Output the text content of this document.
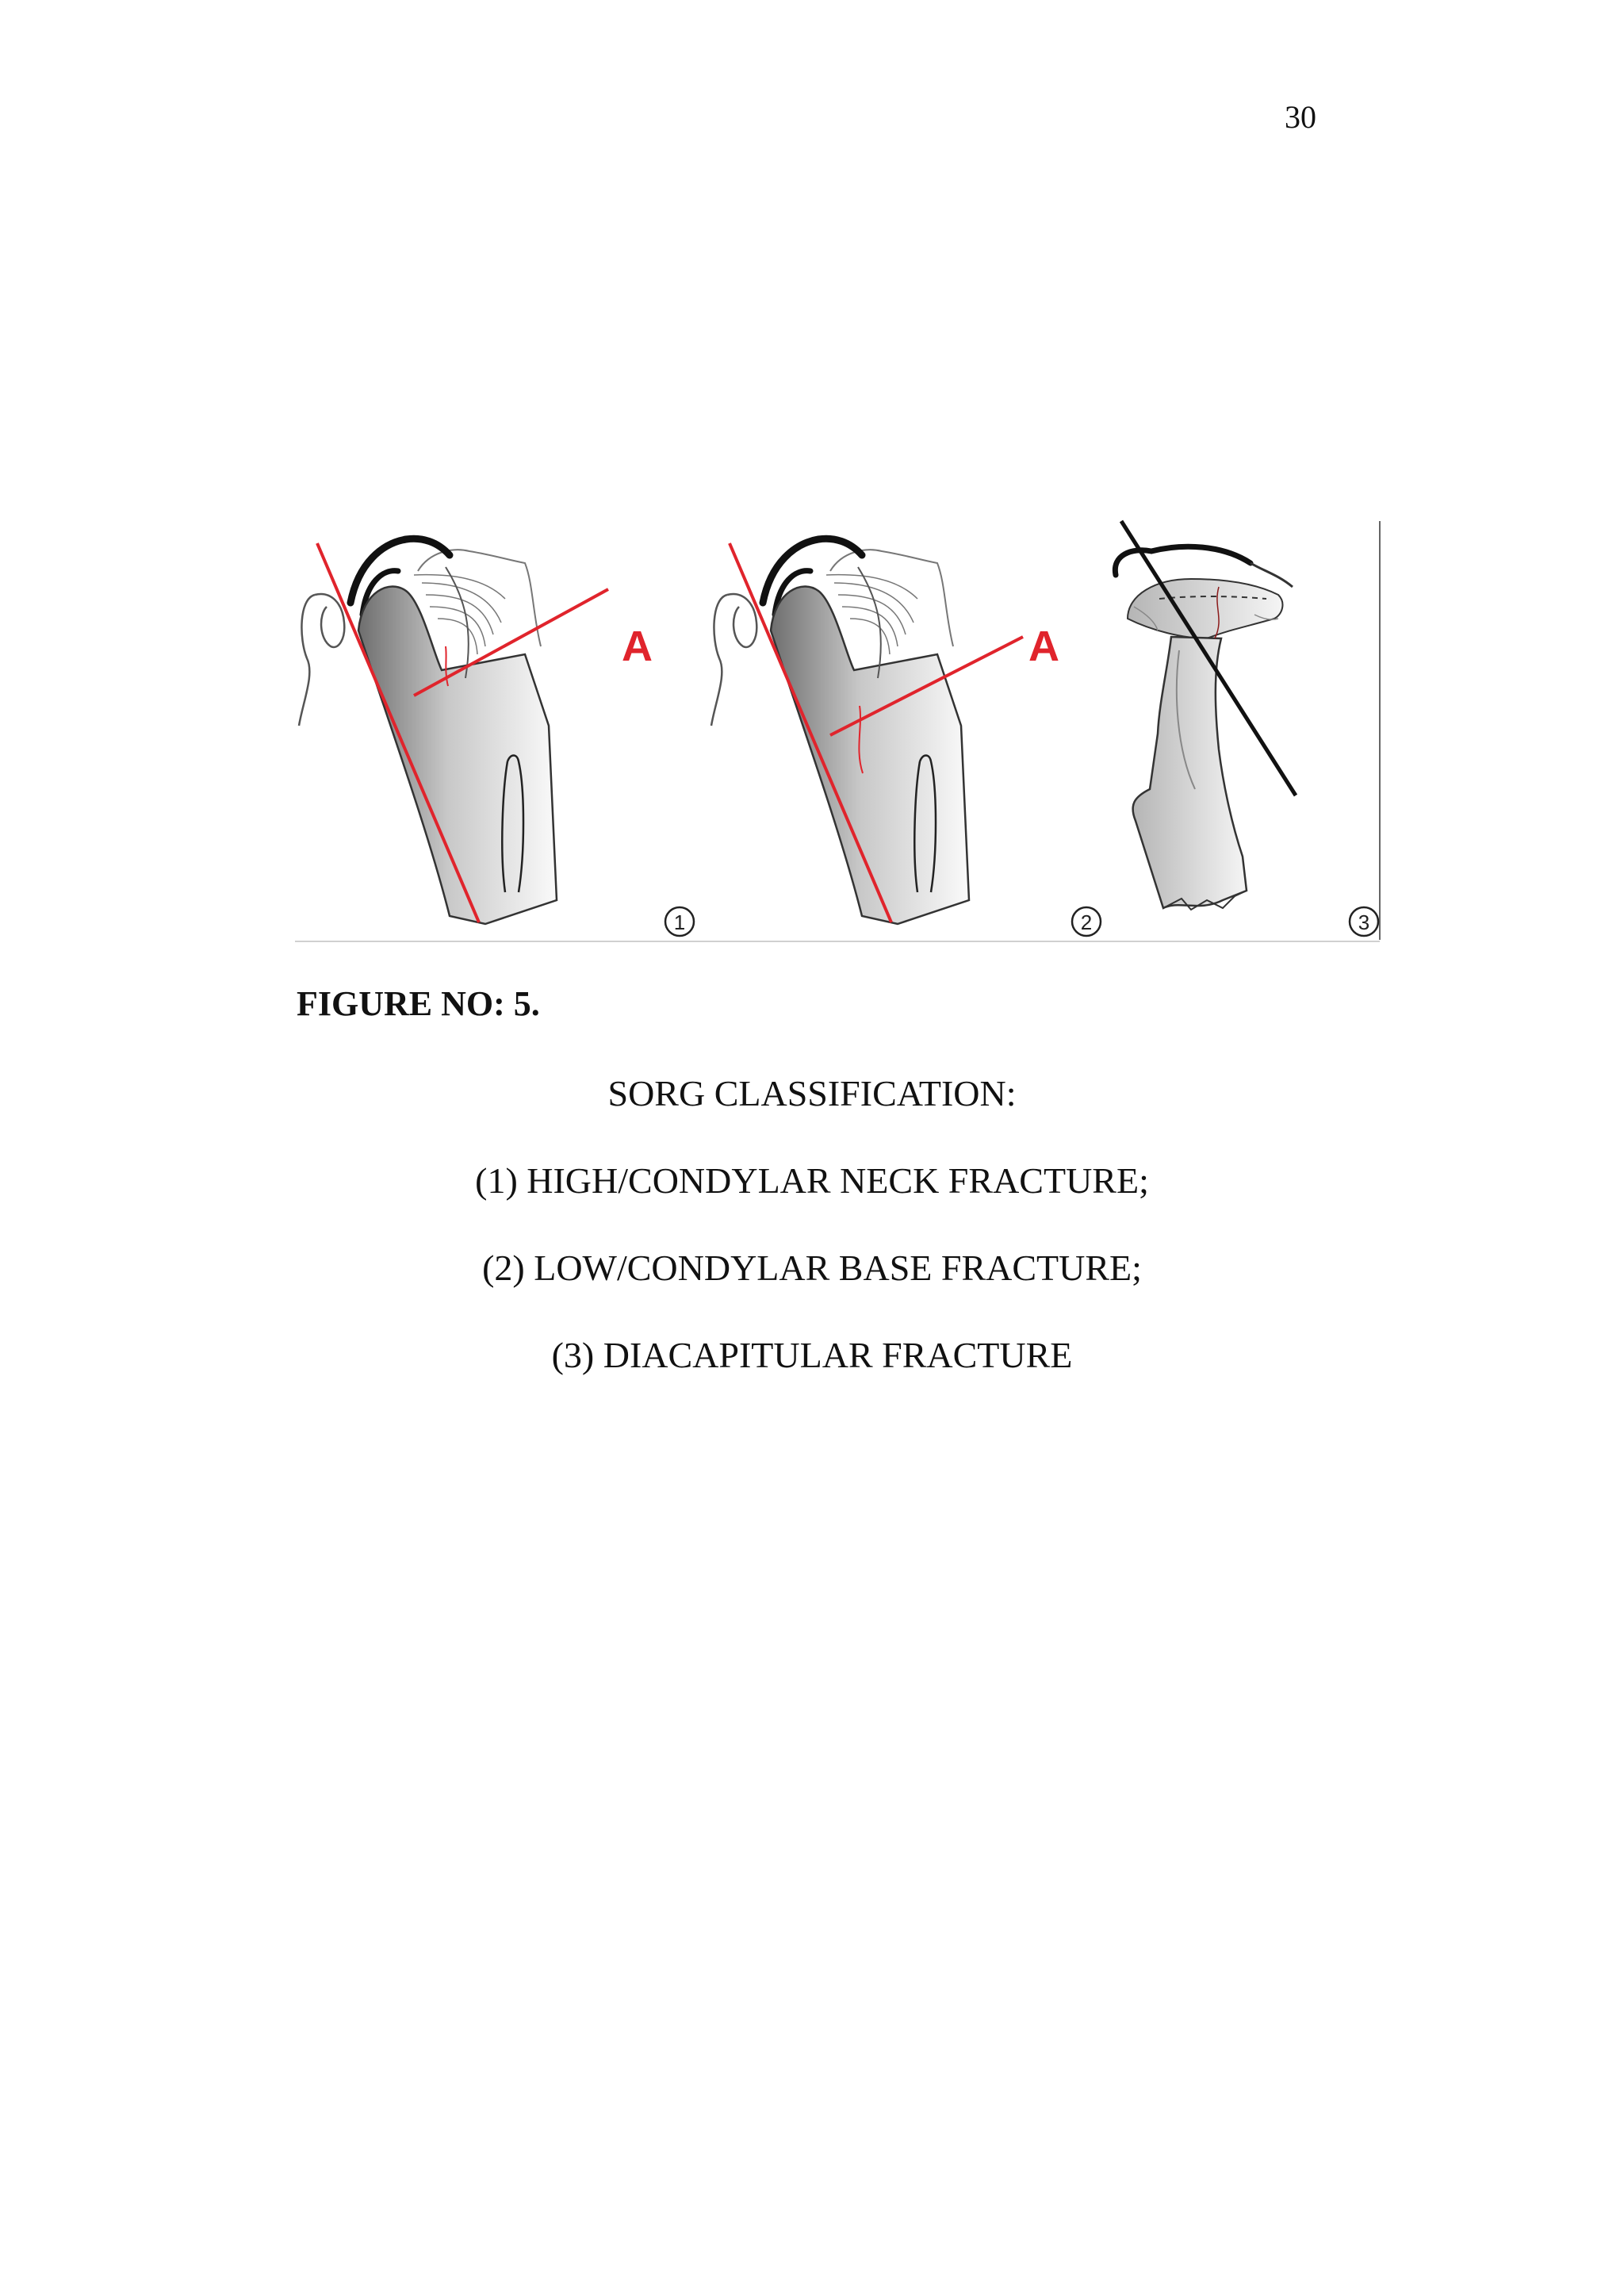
30
A
1
A
2	3
FIGURE NO: 5.
SORG CLASSIFICATION:
(1) HIGH/CONDYLAR NECK FRACTURE;
(2) LOW/CONDYLAR BASE FRACTURE;
(3) DIACAPITULAR FRACTURE
